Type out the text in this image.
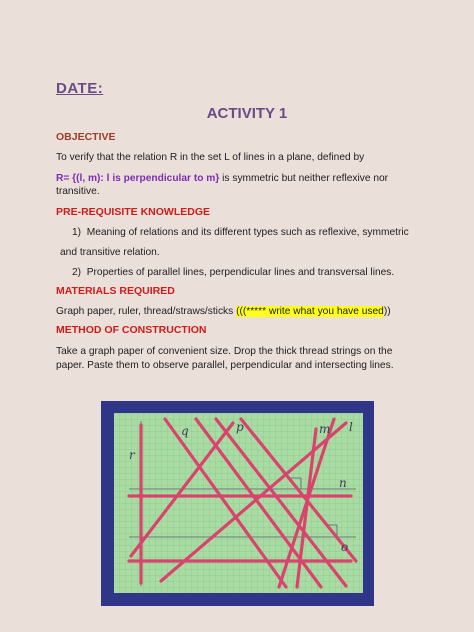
DATE:
ACTIVITY 1
OBJECTIVE
To verify that the relation R in the set L of lines in a plane, defined by
R= {(l, m): l is perpendicular to m} is symmetric but neither reflexive nor
transitive.
PRE-REQUISITE KNOWLEDGE
1) Meaning of relations and its different types such as reflexive, symmetric
and transitive relation.
2) Properties of parallel lines, perpendicular lines and transversal lines.
MATERIALS REQUIRED
Graph paper, ruler, thread/straws/sticks (((***** write what you have used))
METHOD OF CONSTRUCTION
Take a graph paper of convenient size. Drop the thick thread strings on the
paper. Paste them to observe parallel, perpendicular and intersecting lines.
r
q	p	m l
n
o
